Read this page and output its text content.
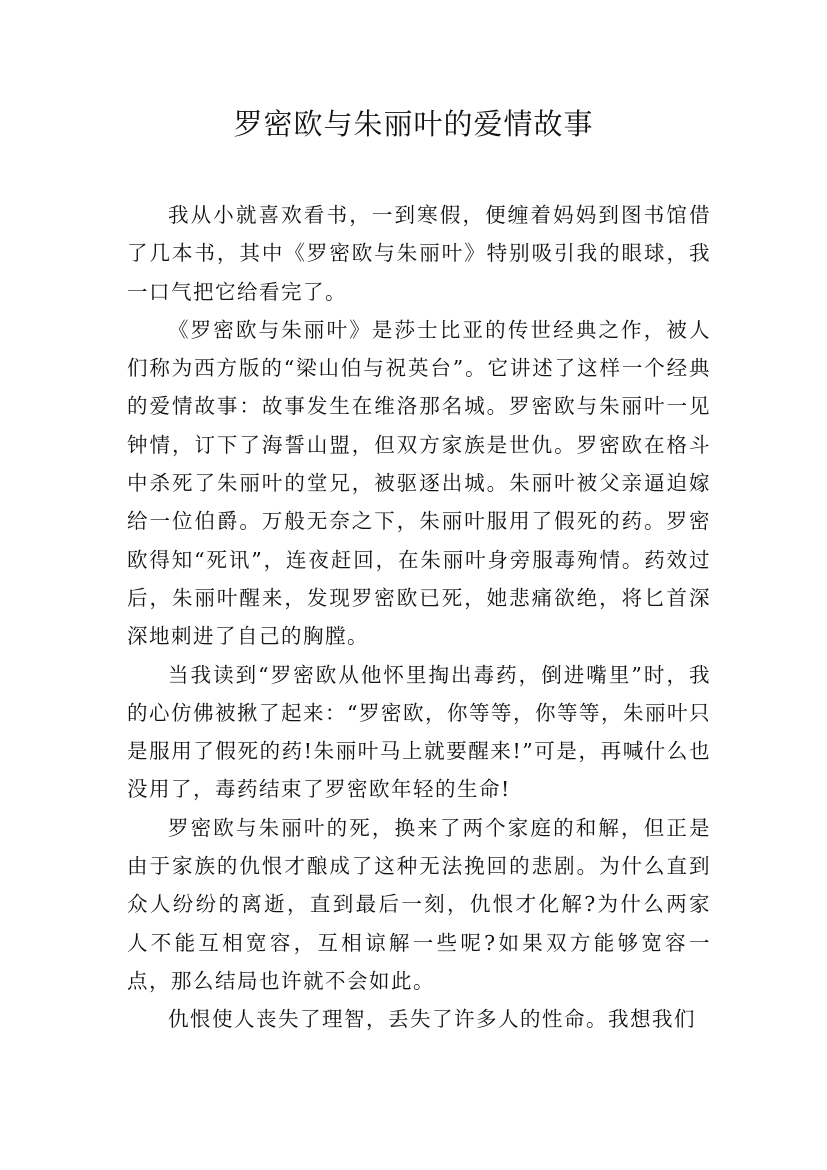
罗密欧与朱丽叶的爱情故事

我从小就喜欢看书，一到寒假，便缠着妈妈到图书馆借了几本书，其中《罗密欧与朱丽叶》特别吸引我的眼球，我一口气把它给看完了。

《罗密欧与朱丽叶》是莎士比亚的传世经典之作，被人们称为西方版的“梁山伯与祝英台”。它讲述了这样一个经典的爱情故事：故事发生在维洛那名城。罗密欧与朱丽叶一见钟情，订下了海誓山盟，但双方家族是世仇。罗密欧在格斗中杀死了朱丽叶的堂兄，被驱逐出城。朱丽叶被父亲逼迫嫁给一位伯爵。万般无奈之下，朱丽叶服用了假死的药。罗密欧得知“死讯”，连夜赶回，在朱丽叶身旁服毒殉情。药效过后，朱丽叶醒来，发现罗密欧已死，她悲痛欲绝，将匕首深深地刺进了自己的胸膛。

当我读到“罗密欧从他怀里掏出毒药，倒进嘴里”时，我的心仿佛被揪了起来：“罗密欧，你等等，你等等，朱丽叶只是服用了假死的药!朱丽叶马上就要醒来!”可是，再喊什么也没用了，毒药结束了罗密欧年轻的生命!

罗密欧与朱丽叶的死，换来了两个家庭的和解，但正是由于家族的仇恨才酿成了这种无法挽回的悲剧。为什么直到众人纷纷的离逝，直到最后一刻，仇恨才化解?为什么两家人不能互相宽容，互相谅解一些呢?如果双方能够宽容一点，那么结局也许就不会如此。

仇恨使人丧失了理智，丢失了许多人的性命。我想我们
